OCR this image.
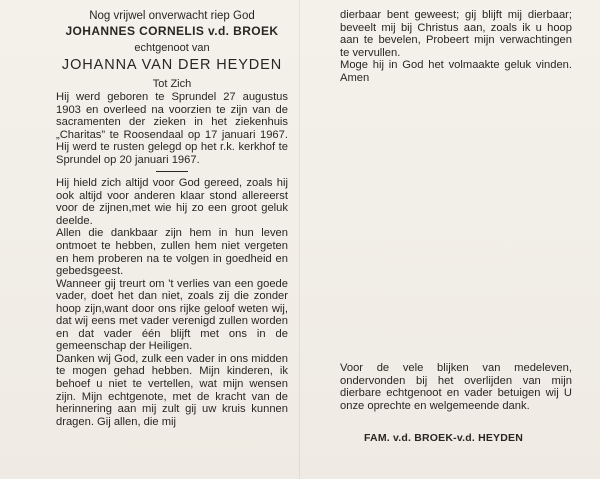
Nog vrijwel onverwacht riep God
JOHANNES CORNELIS v.d. BROEK
echtgenoot van
JOHANNA VAN DER HEYDEN
Tot Zich

Hij werd geboren te Sprundel 27 augustus 1903 en overleed na voorzien te zijn van de sacramenten der zieken in het ziekenhuis „Charitas” te Roosendaal op 17 januari 1967. Hij werd te rusten gelegd op het r.k. kerkhof te Sprundel op 20 januari 1967.

Hij hield zich altijd voor God gereed, zoals hij ook altijd voor anderen klaar stond allereerst voor de zijnen,met wie hij zo een groot geluk deelde.

Allen die dankbaar zijn hem in hun leven ontmoet te hebben, zullen hem niet vergeten en hem proberen na te volgen in goedheid en gebedsgeest.

Wanneer gij treurt om 't verlies van een goede vader, doet het dan niet, zoals zij die zonder hoop zijn,want door ons rijke geloof weten wij, dat wij eens met vader verenigd zullen worden en dat vader één blijft met ons in de gemeenschap der Heiligen.

Danken wij God, zulk een vader in ons midden te mogen gehad hebben. Mijn kinderen, ik behoef u niet te vertellen, wat mijn wensen zijn. Mijn echtgenote, met de kracht van de herinnering aan mij zult gij uw kruis kunnen dragen. Gij allen, die mij

dierbaar bent geweest; gij blijft mij dierbaar; beveelt mij bij Christus aan, zoals ik u hoop aan te bevelen, Probeert mijn verwachtingen te vervullen.

Moge hij in God het volmaakte geluk vinden. Amen

Voor de vele blijken van medeleven, ondervonden bij het overlijden van mijn dierbare echtgenoot en vader betuigen wij U onze oprechte en welgemeende dank.

FAM. v.d. BROEK-v.d. HEYDEN
